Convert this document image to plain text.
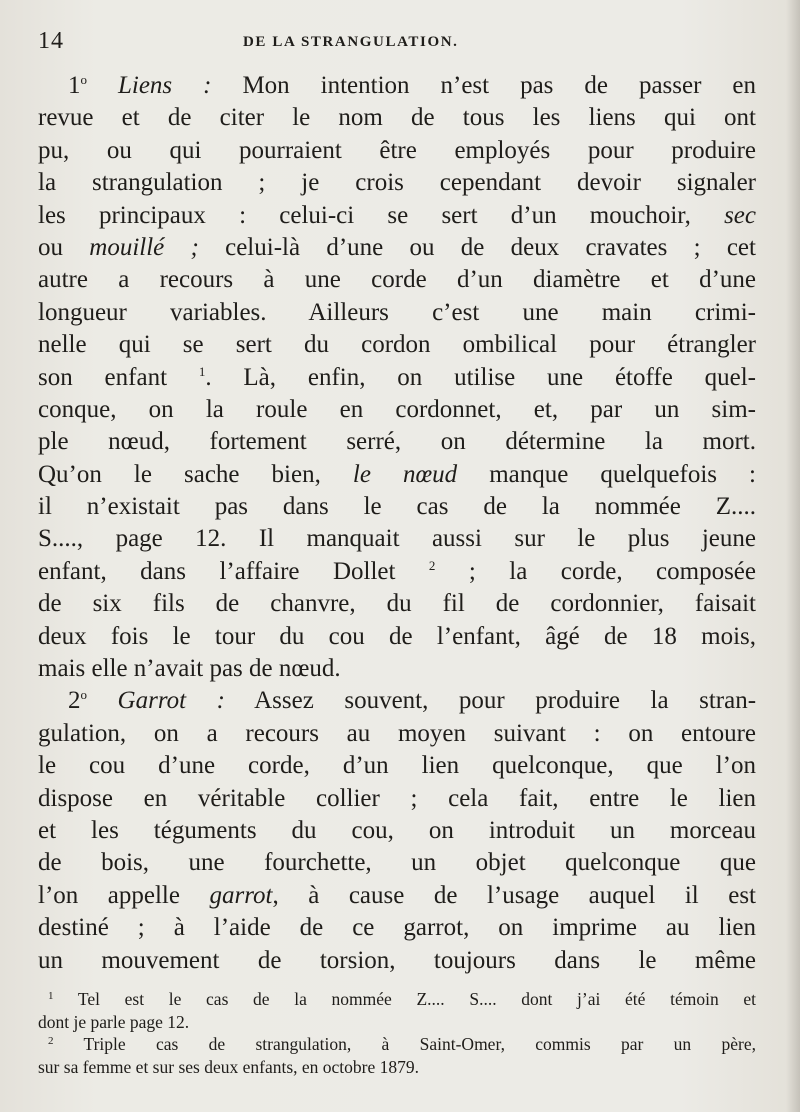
14	DE LA STRANGULATION.
1$^o$ Liens : Mon intention n’est pas de passer en
revue et de citer le nom de tous les liens qui ont
pu, ou qui pourraient être employés pour produire
la strangulation ; je crois cependant devoir signaler
les principaux : celui-ci se sert d’un mouchoir, sec
ou mouillé ; celui-là d’une ou de deux cravates ; cet
autre a recours à une corde d’un diamètre et d’une
longueur variables. Ailleurs c’est une main crimi-
nelle qui se sert du cordon ombilical pour étrangler
son enfant $^1$. Là, enfin, on utilise une étoffe quel-
conque, on la roule en cordonnet, et, par un sim-
ple nœud, fortement serré, on détermine la mort.
Qu’on le sache bien, le nœud manque quelquefois :
il n’existait pas dans le cas de la nommée Z....
S...., page 12. Il manquait aussi sur le plus jeune
enfant, dans l’affaire Dollet $^2$ ; la corde, composée
de six fils de chanvre, du fil de cordonnier, faisait
deux fois le tour du cou de l’enfant, âgé de 18 mois,
mais elle n’avait pas de nœud.
2$^o$ Garrot : Assez souvent, pour produire la stran-
gulation, on a recours au moyen suivant : on entoure
le cou d’une corde, d’un lien quelconque, que l’on
dispose en véritable collier ; cela fait, entre le lien
et les téguments du cou, on introduit un morceau
de bois, une fourchette, un objet quelconque que
l’on appelle garrot, à cause de l’usage auquel il est
destiné ; à l’aide de ce garrot, on imprime au lien
un mouvement de torsion, toujours dans le même
$^1$ Tel est le cas de la nommée Z.... S.... dont j’ai été témoin et
dont je parle page 12.
$^2$ Triple cas de strangulation, à Saint-Omer, commis par un père,
sur sa femme et sur ses deux enfants, en octobre 1879.
